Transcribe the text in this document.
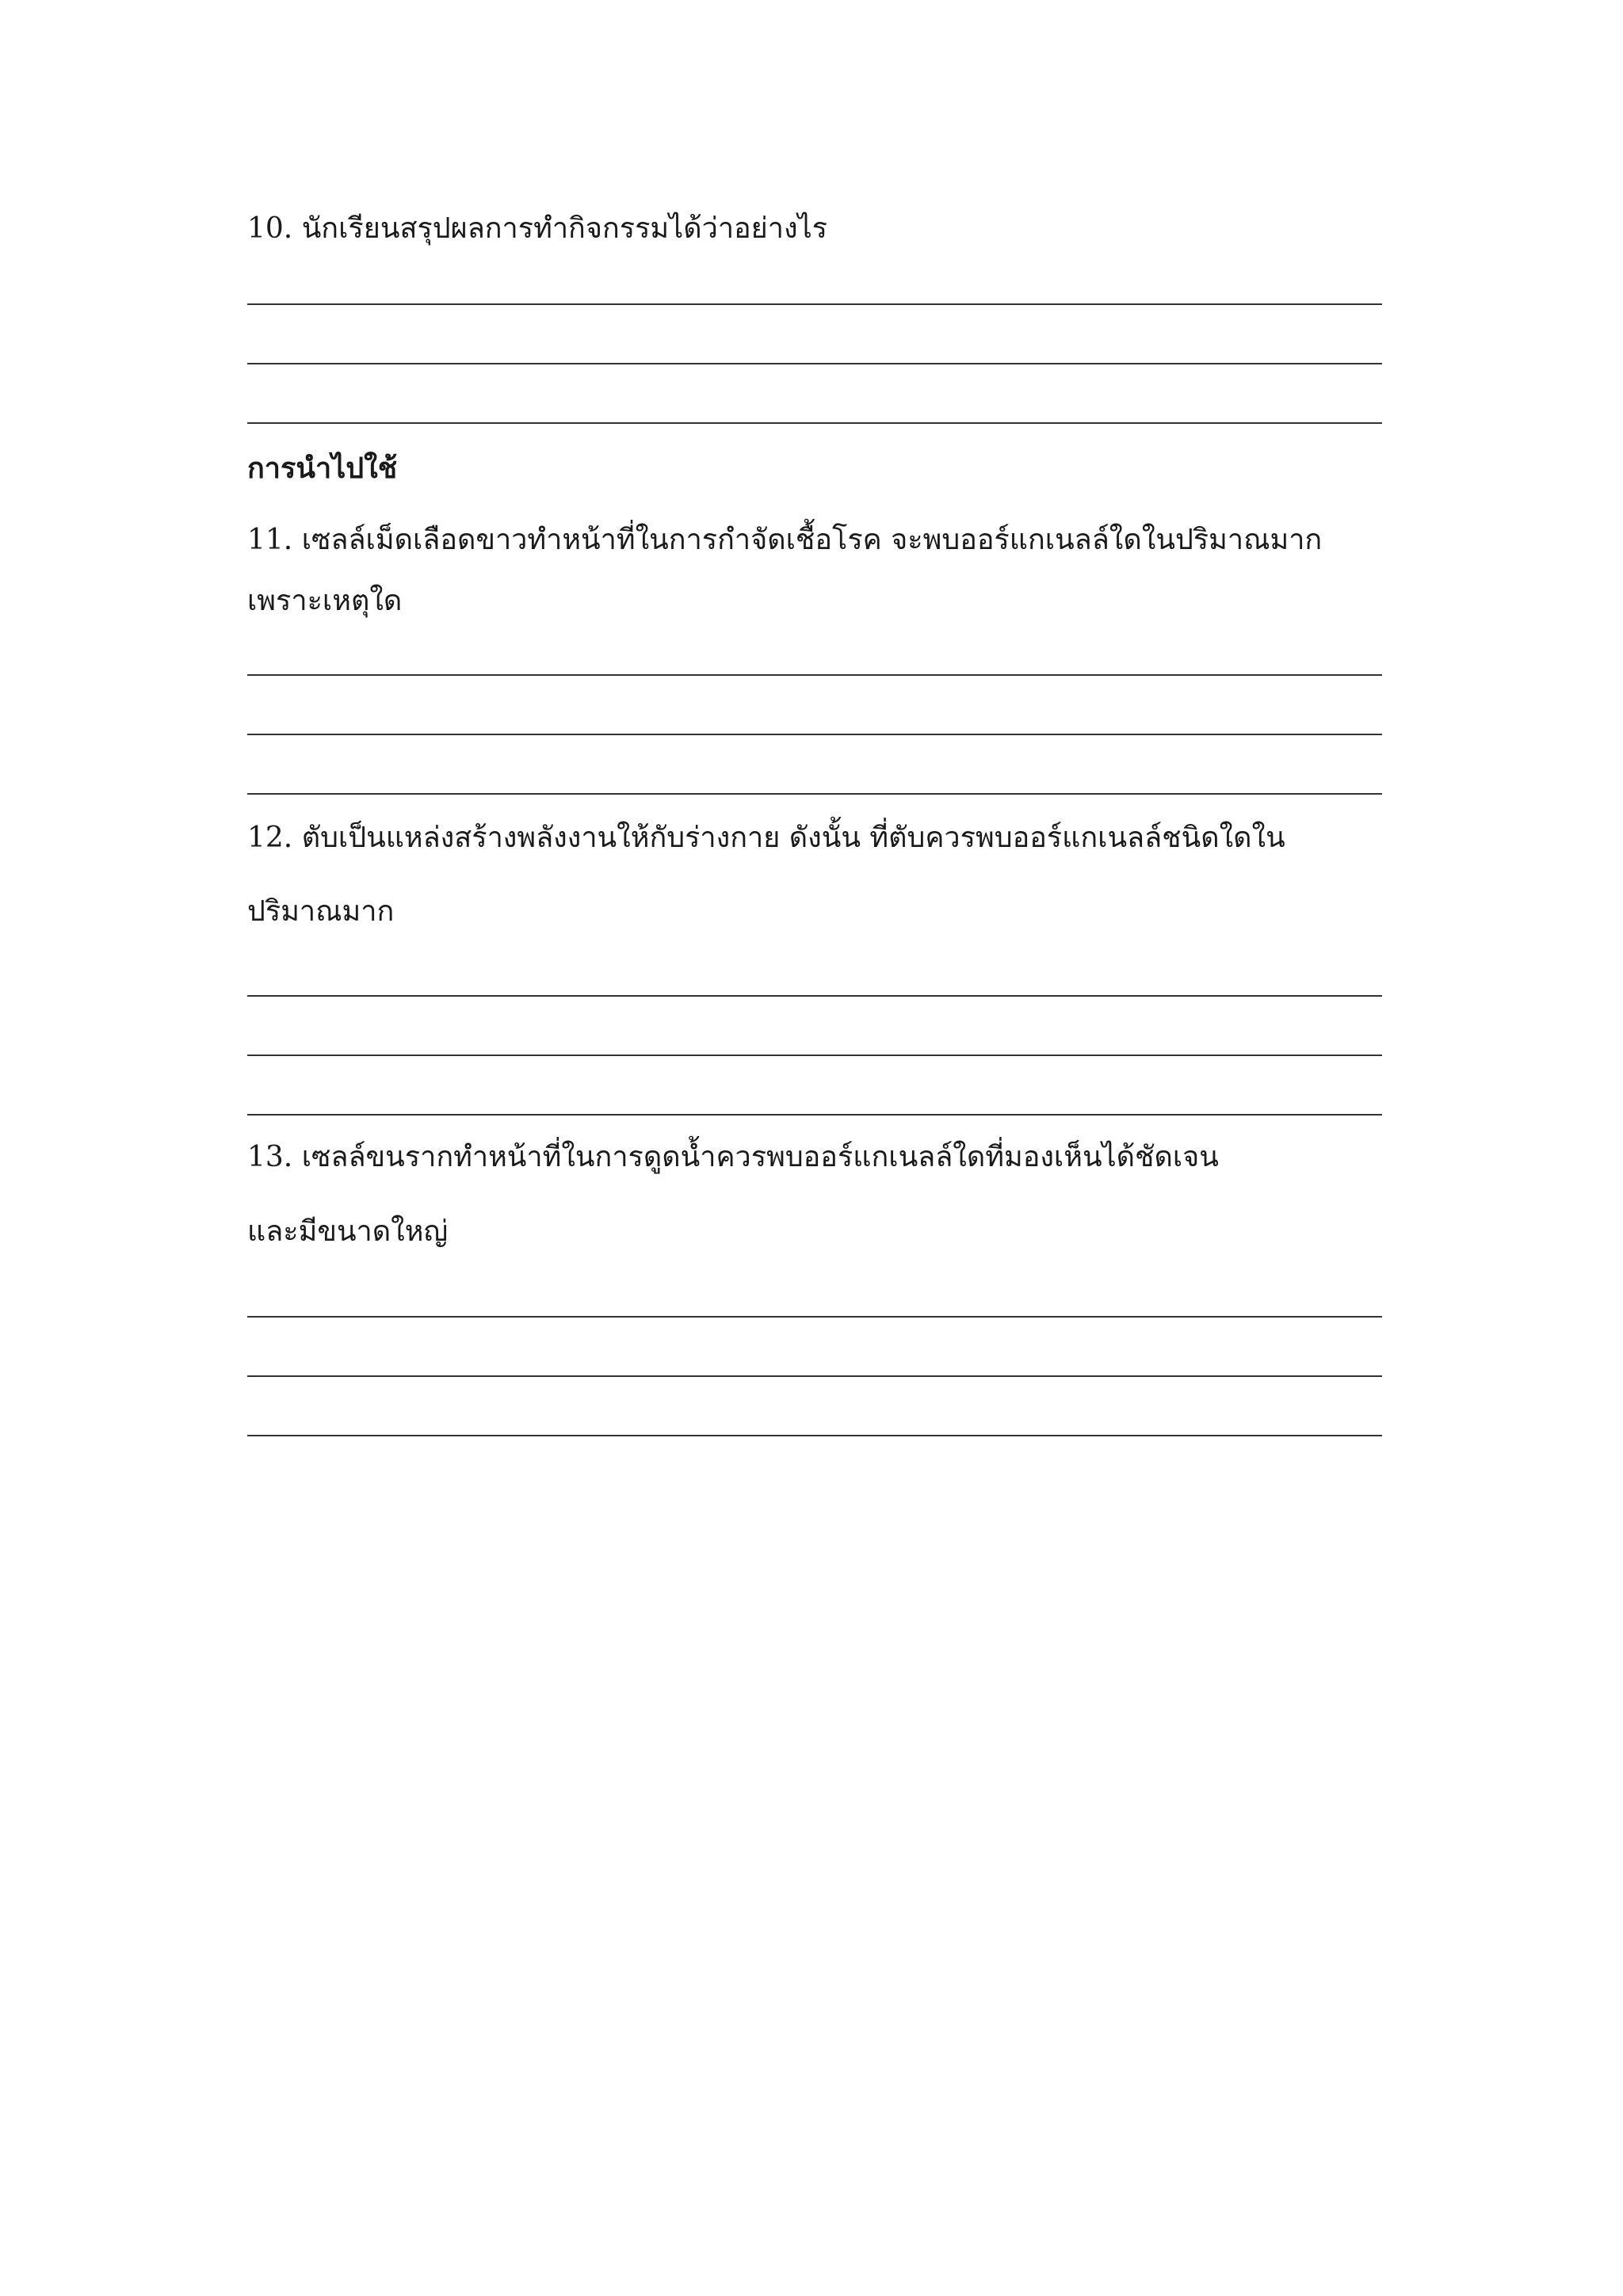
10. นักเรียนสรุปผลการทำกิจกรรมได้ว่าอย่างไร
การนำไปใช้
11. เซลล์เม็ดเลือดขาวทำหน้าที่ในการกำจัดเชื้อโรค จะพบออร์แกเนลล์ใดในปริมาณมาก
เพราะเหตุใด
12. ตับเป็นแหล่งสร้างพลังงานให้กับร่างกาย ดังนั้น ที่ตับควรพบออร์แกเนลล์ชนิดใดใน
ปริมาณมาก
13. เซลล์ขนรากทำหน้าที่ในการดูดน้ำควรพบออร์แกเนลล์ใดที่มองเห็นได้ชัดเจน
และมีขนาดใหญ่
